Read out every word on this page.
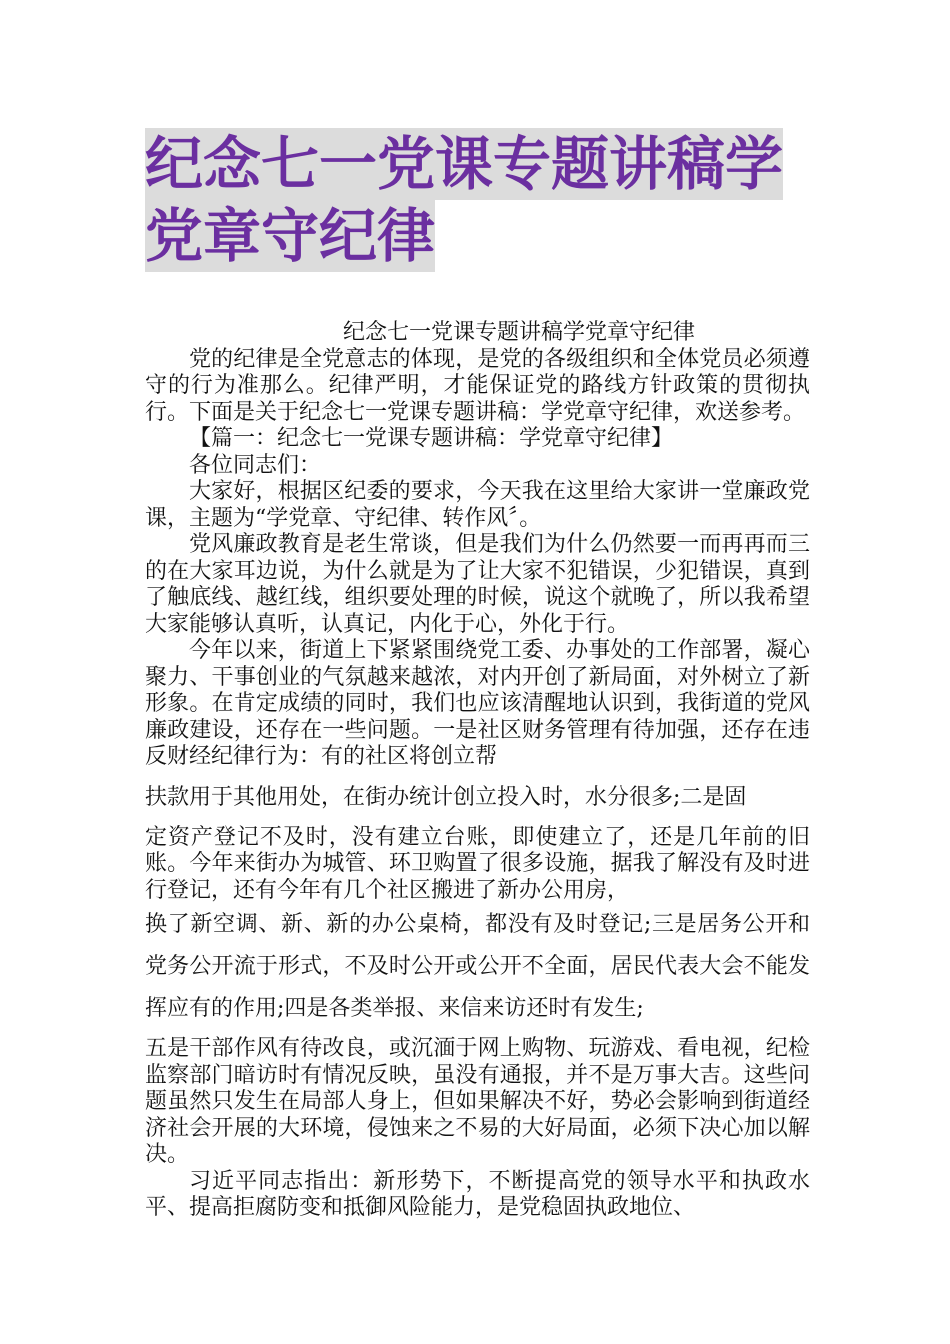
纪念七一党课专题讲稿学
党章守纪律

纪念七一党课专题讲稿学党章守纪律

党的纪律是全党意志的体现，是党的各级组织和全体党员必须遵守的行为准那么。纪律严明，才能保证党的路线方针政策的贯彻执行。下面是关于纪念七一党课专题讲稿：学党章守纪律，欢送参考。

【篇一：纪念七一党课专题讲稿：学党章守纪律】

各位同志们：

大家好，根据区纪委的要求，今天我在这里给大家讲一堂廉政党课，主题为“学党章、守纪律、转作风〞。

党风廉政教育是老生常谈，但是我们为什么仍然要一而再再而三的在大家耳边说，为什么就是为了让大家不犯错误，少犯错误，真到了触底线、越红线，组织要处理的时候，说这个就晚了，所以我希望大家能够认真听，认真记，内化于心，外化于行。

今年以来，街道上下紧紧围绕党工委、办事处的工作部署，凝心聚力、干事创业的气氛越来越浓，对内开创了新局面，对外树立了新形象。在肯定成绩的同时，我们也应该清醒地认识到，我街道的党风廉政建设，还存在一些问题。一是社区财务管理有待加强，还存在违反财经纪律行为：有的社区将创立帮

扶款用于其他用处，在街办统计创立投入时，水分很多;二是固

定资产登记不及时，没有建立台账，即使建立了，还是几年前的旧账。今年来街办为城管、环卫购置了很多设施，据我了解没有及时进行登记，还有今年有几个社区搬进了新办公用房，

换了新空调、新、新的办公桌椅，都没有及时登记;三是居务公开和党务公开流于形式，不及时公开或公开不全面，居民代表大会不能发挥应有的作用;四是各类举报、来信来访还时有发生;

五是干部作风有待改良，或沉湎于网上购物、玩游戏、看电视，纪检监察部门暗访时有情况反映，虽没有通报，并不是万事大吉。这些问题虽然只发生在局部人身上，但如果解决不好，势必会影响到街道经济社会开展的大环境，侵蚀来之不易的大好局面，必须下决心加以解决。

习近平同志指出：新形势下，不断提高党的领导水平和执政水平、提高拒腐防变和抵御风险能力，是党稳固执政地位、
